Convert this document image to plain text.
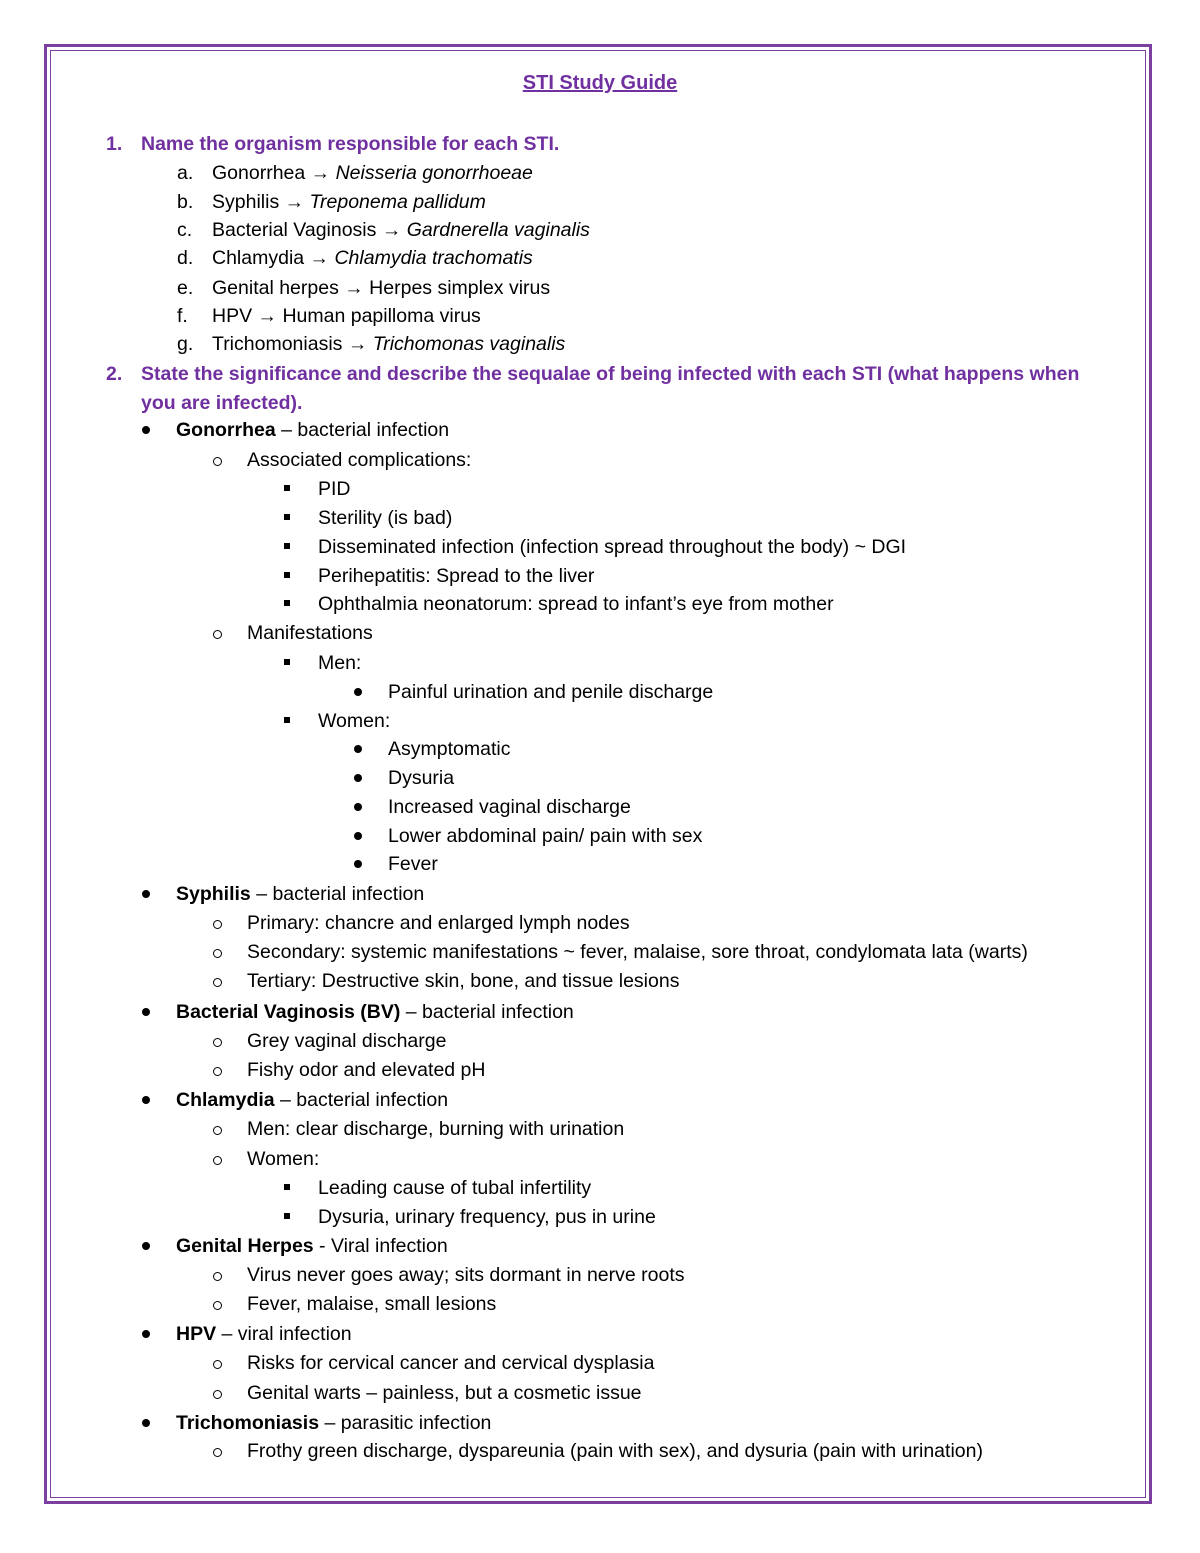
STI Study Guide
1. Name the organism responsible for each STI.
a. Gonorrhea → Neisseria gonorrhoeae
b. Syphilis → Treponema pallidum
c. Bacterial Vaginosis → Gardnerella vaginalis
d. Chlamydia → Chlamydia trachomatis
e. Genital herpes → Herpes simplex virus
f. HPV → Human papilloma virus
g. Trichomoniasis → Trichomonas vaginalis
2. State the significance and describe the sequalae of being infected with each STI (what happens when
you are infected).
Gonorrhea – bacterial infection
Associated complications:
PID
Sterility (is bad)
Disseminated infection (infection spread throughout the body) ~ DGI
Perihepatitis: Spread to the liver
Ophthalmia neonatorum: spread to infant’s eye from mother
Manifestations
Men:
Painful urination and penile discharge
Women:
Asymptomatic
Dysuria
Increased vaginal discharge
Lower abdominal pain/ pain with sex
Fever
Syphilis – bacterial infection
Primary: chancre and enlarged lymph nodes
Secondary: systemic manifestations ~ fever, malaise, sore throat, condylomata lata (warts)
Tertiary: Destructive skin, bone, and tissue lesions
Bacterial Vaginosis (BV) – bacterial infection
Grey vaginal discharge
Fishy odor and elevated pH
Chlamydia – bacterial infection
Men: clear discharge, burning with urination
Women:
Leading cause of tubal infertility
Dysuria, urinary frequency, pus in urine
Genital Herpes - Viral infection
Virus never goes away; sits dormant in nerve roots
Fever, malaise, small lesions
HPV – viral infection
Risks for cervical cancer and cervical dysplasia
Genital warts – painless, but a cosmetic issue
Trichomoniasis – parasitic infection
Frothy green discharge, dyspareunia (pain with sex), and dysuria (pain with urination)
